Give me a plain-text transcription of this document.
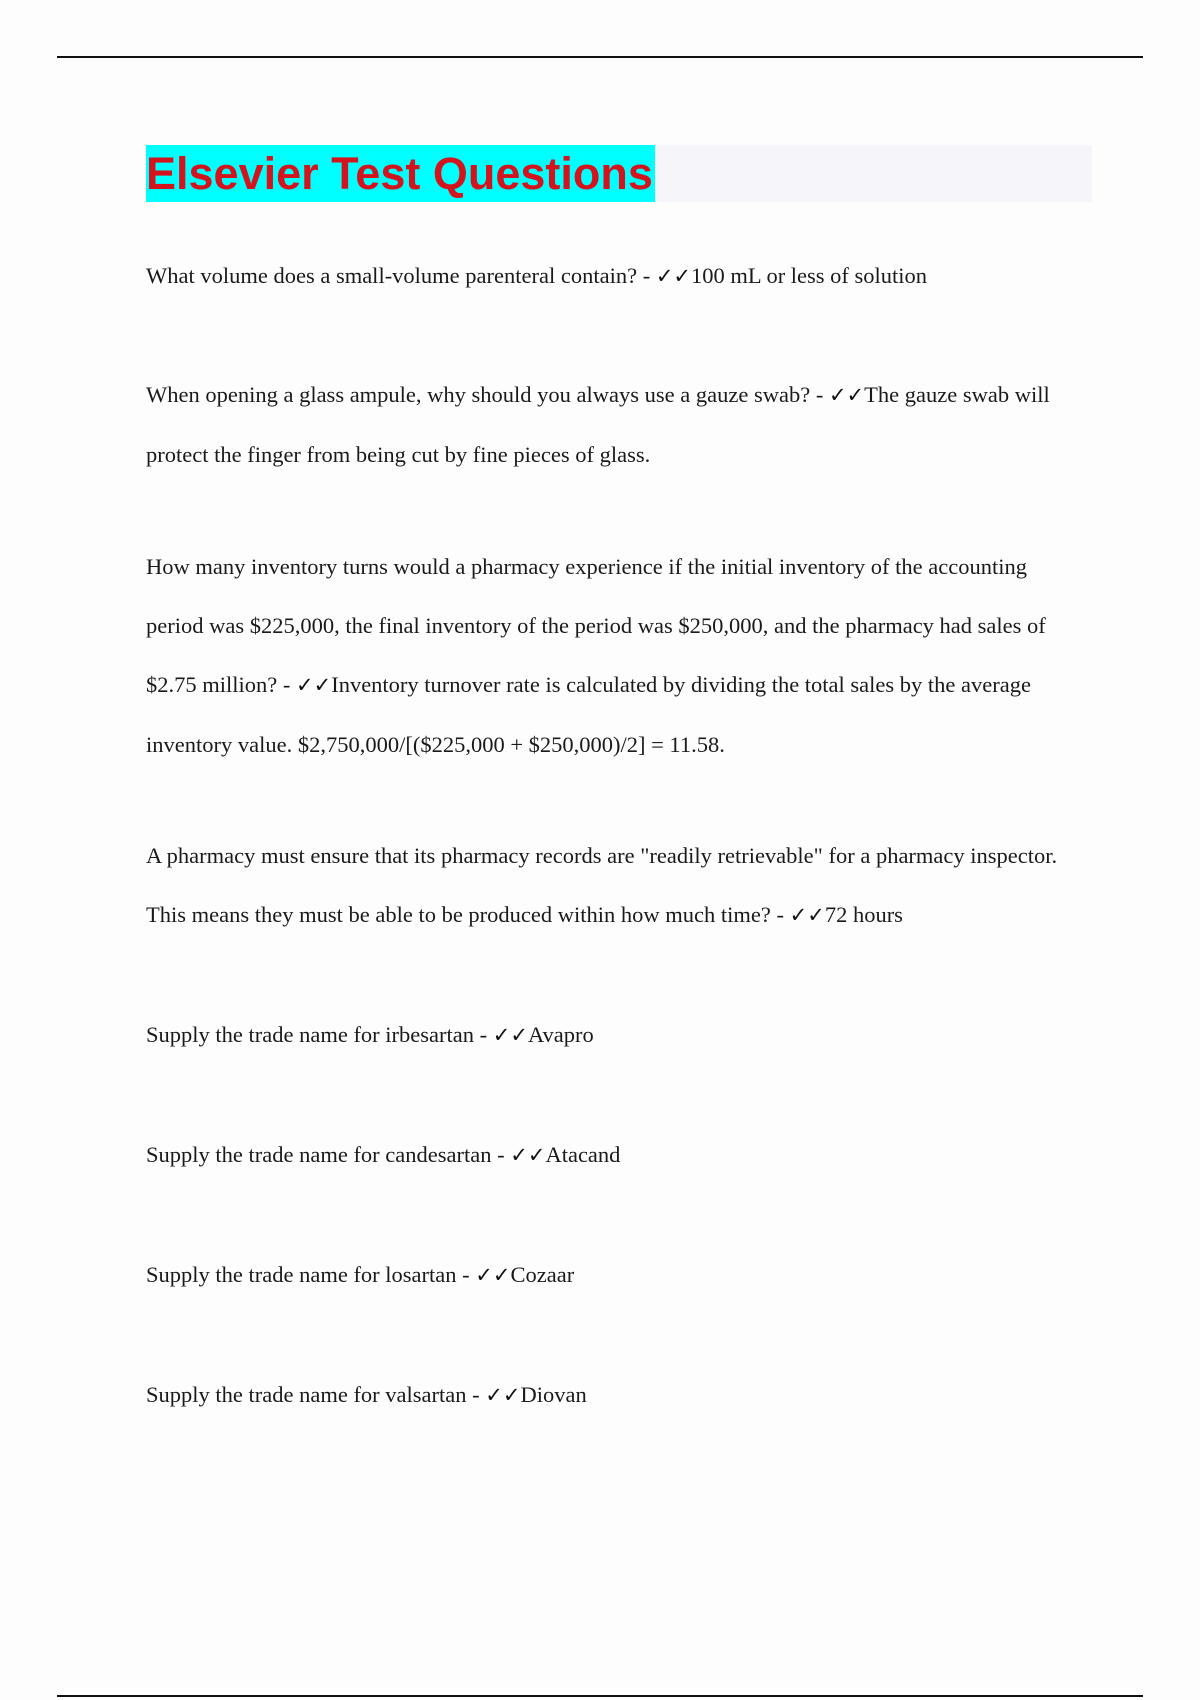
Elsevier Test Questions
What volume does a small-volume parenteral contain? - ✓✓100 mL or less of solution
When opening a glass ampule, why should you always use a gauze swab? - ✓✓The gauze swab will protect the finger from being cut by fine pieces of glass.
How many inventory turns would a pharmacy experience if the initial inventory of the accounting period was $225,000, the final inventory of the period was $250,000, and the pharmacy had sales of $2.75 million? - ✓✓Inventory turnover rate is calculated by dividing the total sales by the average inventory value. $2,750,000/[($225,000 + $250,000)/2] = 11.58.
A pharmacy must ensure that its pharmacy records are "readily retrievable" for a pharmacy inspector. This means they must be able to be produced within how much time? - ✓✓72 hours
Supply the trade name for irbesartan - ✓✓Avapro
Supply the trade name for candesartan - ✓✓Atacand
Supply the trade name for losartan - ✓✓Cozaar
Supply the trade name for valsartan - ✓✓Diovan
